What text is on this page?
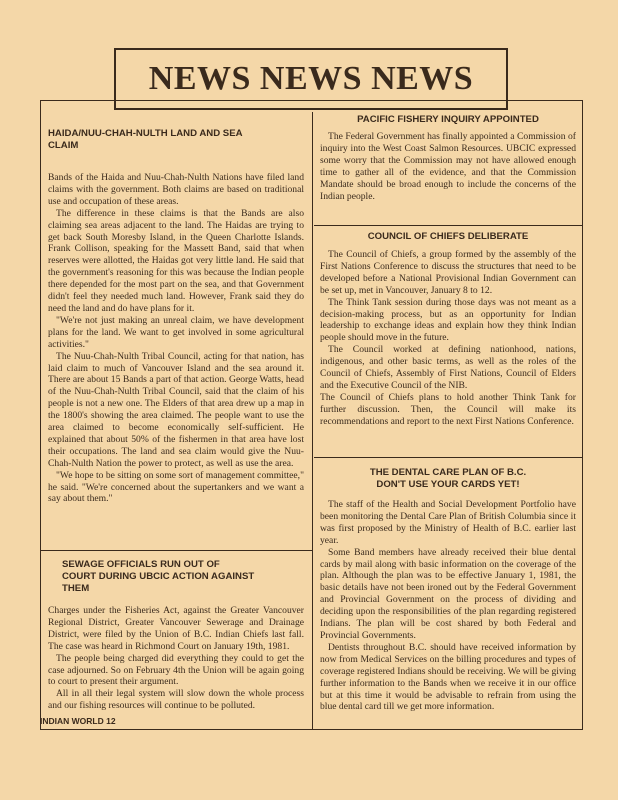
NEWS NEWS NEWS
HAIDA/NUU-CHAH-NULTH LAND AND SEA
CLAIM

Bands of the Haida and Nuu-Chah-Nulth Nations have filed land claims with the government. Both claims are based on traditional use and occupation of these areas.

The difference in these claims is that the Bands are also claiming sea areas adjacent to the land. The Haidas are trying to get back South Moresby Island, in the Queen Charlotte Islands. Frank Collison, speaking for the Massett Band, said that when reserves were allotted, the Haidas got very little land. He said that the government's reasoning for this was because the Indian people there depended for the most part on the sea, and that Government didn't feel they needed much land. However, Frank said they do need the land and do have plans for it.

"We're not just making an unreal claim, we have development plans for the land. We want to get involved in some agricultural activities."

The Nuu-Chah-Nulth Tribal Council, acting for that nation, has laid claim to much of Vancouver Island and the sea around it. There are about 15 Bands a part of that action. George Watts, head of the Nuu-Chah-Nulth Tribal Council, said that the claim of his people is not a new one. The Elders of that area drew up a map in the 1800's showing the area claimed. The people want to use the area claimed to become economically self-sufficient. He explained that about 50% of the fishermen in that area have lost their occupations. The land and sea claim would give the Nuu-Chah-Nulth Nation the power to protect, as well as use the area.

"We hope to be sitting on some sort of management committee," he said. "We're concerned about the supertankers and we want a say about them."

SEWAGE OFFICIALS RUN OUT OF
COURT DURING UBCIC ACTION AGAINST
THEM

Charges under the Fisheries Act, against the Greater Vancouver Regional District, Greater Vancouver Sewerage and Drainage District, were filed by the Union of B.C. Indian Chiefs last fall. The case was heard in Richmond Court on January 19th, 1981.

The people being charged did everything they could to get the case adjourned. So on February 4th the Union will be again going to court to present their argument.

All in all their legal system will slow down the whole process and our fishing resources will continue to be polluted.

PACIFIC FISHERY INQUIRY APPOINTED

The Federal Government has finally appointed a Commission of inquiry into the West Coast Salmon Resources. UBCIC expressed some worry that the Commission may not have allowed enough time to gather all of the evidence, and that the Commission Mandate should be broad enough to include the concerns of the Indian people.

COUNCIL OF CHIEFS DELIBERATE

The Council of Chiefs, a group formed by the assembly of the First Nations Conference to discuss the structures that need to be developed before a National Provisional Indian Government can be set up, met in Vancouver, January 8 to 12.

The Think Tank session during those days was not meant as a decision-making process, but as an opportunity for Indian leadership to exchange ideas and explain how they think Indian people should move in the future.

The Council worked at defining nationhood, nations, indigenous, and other basic terms, as well as the roles of the Council of Chiefs, Assembly of First Nations, Council of Elders and the Executive Council of the NIB.

The Council of Chiefs plans to hold another Think Tank for further discussion. Then, the Council will make its recommendations and report to the next First Nations Conference.

THE DENTAL CARE PLAN OF B.C.
DON'T USE YOUR CARDS YET!

The staff of the Health and Social Development Portfolio have been monitoring the Dental Care Plan of British Columbia since it was first proposed by the Ministry of Health of B.C. earlier last year.

Some Band members have already received their blue dental cards by mail along with basic information on the coverage of the plan. Although the plan was to be effective January 1, 1981, the basic details have not been ironed out by the Federal Government and Provincial Government on the process of dividing and deciding upon the responsibilities of the plan regarding registered Indians. The plan will be cost shared by both Federal and Provincial Governments.

Dentists throughout B.C. should have received information by now from Medical Services on the billing procedures and types of coverage registered Indians should be receiving. We will be giving further information to the Bands when we receive it in our office but at this time it would be advisable to refrain from using the blue dental card till we get more information.

INDIAN WORLD 12
